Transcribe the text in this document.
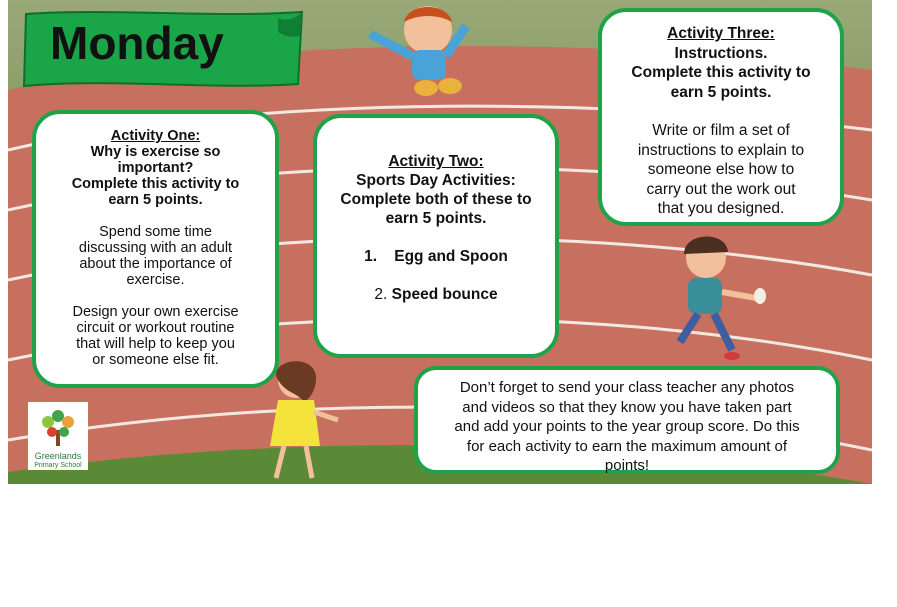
Monday

Activity One:

Why is exercise so

important?

Complete this activity to

earn 5 points.

Spend some time

discussing with an adult

about the importance of

exercise.

Design your own exercise

circuit or workout routine

that will help to keep you

or someone else fit.

Activity Two:

Sports Day Activities:

Complete both of these to

earn 5 points.

1. Egg and Spoon

2. Speed bounce

Activity Three:

Instructions.

Complete this activity to

earn 5 points.

Write or film a set of

instructions to explain to

someone else how to

carry out the work out

that you designed.

Don’t forget to send your class teacher any photos

and videos so that they know you have taken part

and add your points to the year group score. Do this

for each activity to earn the maximum amount of

points!

Greenlands
Primary School
